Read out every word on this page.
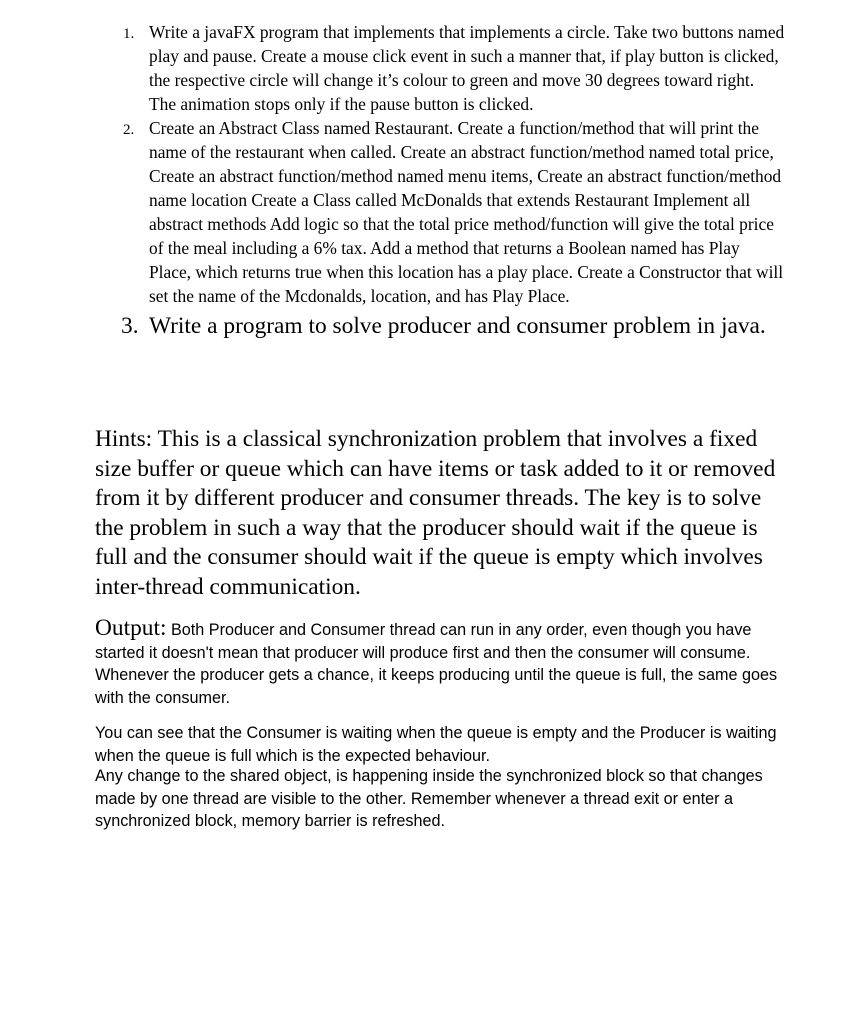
1. Write a javaFX program that implements that implements a circle. Take two buttons named play and pause. Create a mouse click event in such a manner that, if play button is clicked, the respective circle will change it’s colour to green and move 30 degrees toward right. The animation stops only if the pause button is clicked.
2. Create an Abstract Class named Restaurant. Create a function/method that will print the name of the restaurant when called. Create an abstract function/method named total price, Create an abstract function/method named menu items, Create an abstract function/method name location Create a Class called McDonalds that extends Restaurant Implement all abstract methods Add logic so that the total price method/function will give the total price of the meal including a 6% tax. Add a method that returns a Boolean named has Play Place, which returns true when this location has a play place. Create a Constructor that will set the name of the Mcdonalds, location, and has Play Place.
3. Write a program to solve producer and consumer problem in java.

Hints: This is a classical synchronization problem that involves a fixed size buffer or queue which can have items or task added to it or removed from it by different producer and consumer threads. The key is to solve the problem in such a way that the producer should wait if the queue is full and the consumer should wait if the queue is empty which involves inter-thread communication.

Output: Both Producer and Consumer thread can run in any order, even though you have started it doesn't mean that producer will produce first and then the consumer will consume. Whenever the producer gets a chance, it keeps producing until the queue is full, the same goes with the consumer.

You can see that the Consumer is waiting when the queue is empty and the Producer is waiting when the queue is full which is the expected behaviour.

Any change to the shared object, is happening inside the synchronized block so that changes made by one thread are visible to the other. Remember whenever a thread exit or enter a synchronized block, memory barrier is refreshed.
